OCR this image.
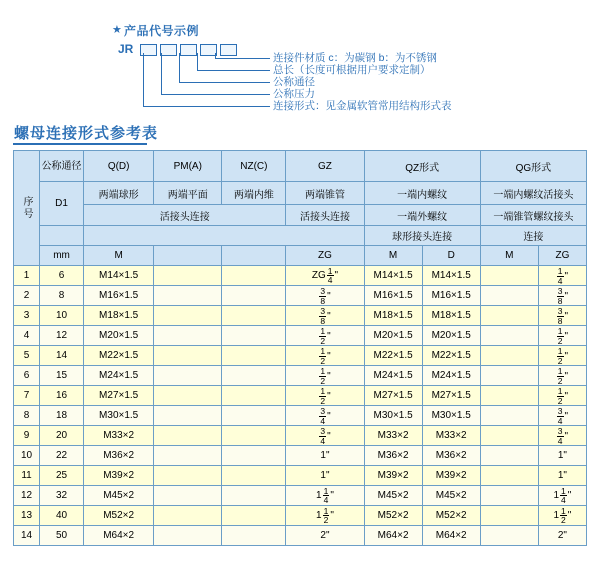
★ 产品代号示例
JR
连接件材质 c：为碳钢 b：为不锈钢
总长（长度可根据用户要求定制）
公称通径
公称压力
连接形式：见金属软管常用结构形式表
螺母连接形式参考表
序号	公称通径	Q(D)	PM(A)	NZ(C)	GZ	QZ形式		QG形式	
	D1	两端球形	两端平面	两端内维	两端锥管	一端内螺纹		一端内螺纹活接头	
		活接头连接			活接头连接	一端外螺纹		一端锥管螺纹接头	
						球形接头连接		连接	
	mm	M			ZG	M	D	M	ZG
1	6	M14×1.5			ZG $\frac{1}{4}$ "	M14×1.5	M14×1.5		$\frac{1}{4}$ "

2	8	M16×1.5			$\frac{3}{8}$ "	M16×1.5	M16×1.5		$\frac{3}{8}$ "

3	10	M18×1.5			$\frac{3}{8}$ "	M18×1.5	M18×1.5		$\frac{3}{8}$ "

4	12	M20×1.5			$\frac{1}{2}$ "	M20×1.5	M20×1.5		$\frac{1}{2}$ "

5	14	M22×1.5			$\frac{1}{2}$ "	M22×1.5	M22×1.5		$\frac{1}{2}$ "

6	15	M24×1.5			$\frac{1}{2}$ "	M24×1.5	M24×1.5		$\frac{1}{2}$ "

7	16	M27×1.5			$\frac{1}{2}$ "	M27×1.5	M27×1.5		$\frac{1}{2}$ "

8	18	M30×1.5			$\frac{3}{4}$ "	M30×1.5	M30×1.5		$\frac{3}{4}$ "

9	20	M33×2			$\frac{3}{4}$ "	M33×2	M33×2		$\frac{3}{4}$ "

10	22	M36×2			1"	M36×2	M36×2		1"
11	25	M39×2			1"	M39×2	M39×2		1"
12	32	M45×2			$1 \frac{1}{4}$ "	M45×2	M45×2		$1 \frac{1}{4}$ "

13	40	M52×2			$1 \frac{1}{2}$ "	M52×2	M52×2		$1 \frac{1}{2}$ "

14	50	M64×2			2"	M64×2	M64×2		2"
